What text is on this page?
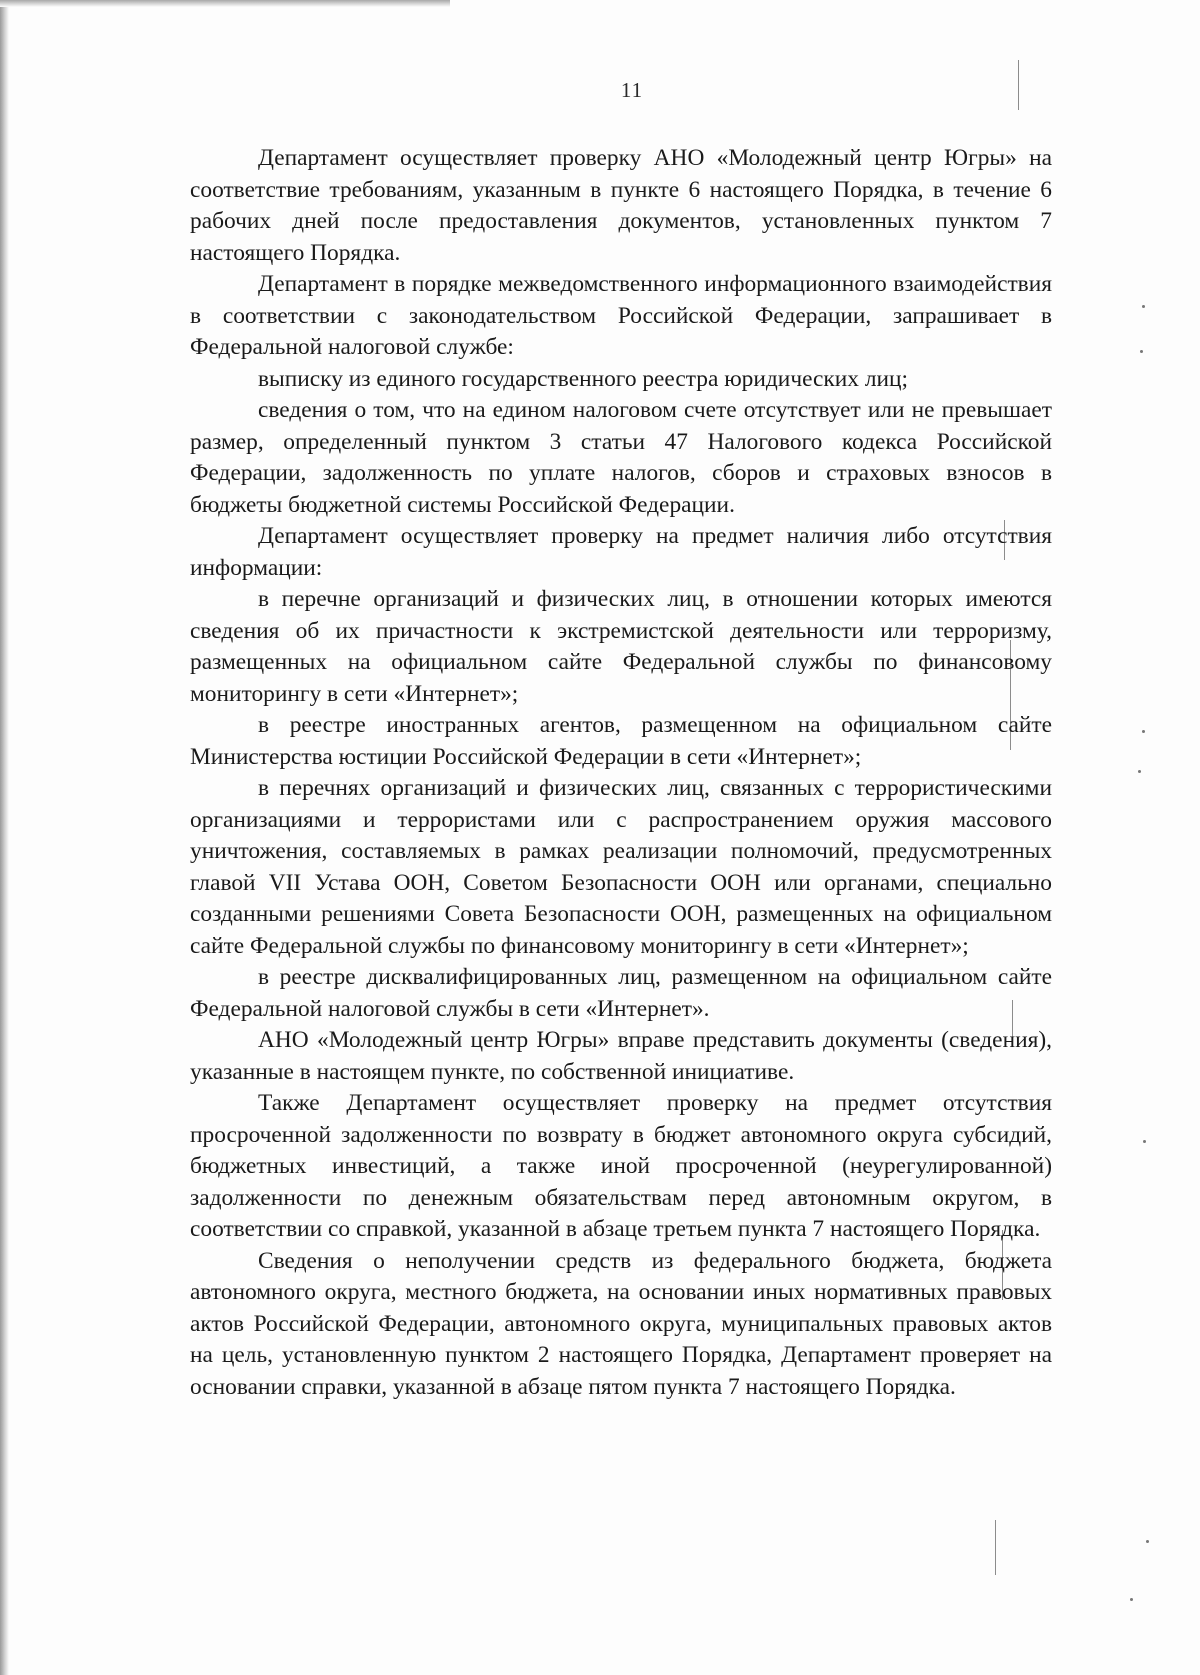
11

Департамент осуществляет проверку АНО «Молодежный центр Югры» на соответствие требованиям, указанным в пункте 6 настоящего Порядка, в течение 6 рабочих дней после предоставления документов, установленных пунктом 7 настоящего Порядка.

Департамент в порядке межведомственного информационного взаимодействия в соответствии с законодательством Российской Федерации, запрашивает в Федеральной налоговой службе:

выписку из единого государственного реестра юридических лиц;

сведения о том, что на едином налоговом счете отсутствует или не превышает размер, определенный пунктом 3 статьи 47 Налогового кодекса Российской Федерации, задолженность по уплате налогов, сборов и страховых взносов в бюджеты бюджетной системы Российской Федерации.

Департамент осуществляет проверку на предмет наличия либо отсутствия информации:

в перечне организаций и физических лиц, в отношении которых имеются сведения об их причастности к экстремистской деятельности или терроризму, размещенных на официальном сайте Федеральной службы по финансовому мониторингу в сети «Интернет»;

в реестре иностранных агентов, размещенном на официальном сайте Министерства юстиции Российской Федерации в сети «Интернет»;

в перечнях организаций и физических лиц, связанных с террористическими организациями и террористами или с распространением оружия массового уничтожения, составляемых в рамках реализации полномочий, предусмотренных главой VII Устава ООН, Советом Безопасности ООН или органами, специально созданными решениями Совета Безопасности ООН, размещенных на официальном сайте Федеральной службы по финансовому мониторингу в сети «Интернет»;

в реестре дисквалифицированных лиц, размещенном на официальном сайте Федеральной налоговой службы в сети «Интернет».

АНО «Молодежный центр Югры» вправе представить документы (сведения), указанные в настоящем пункте, по собственной инициативе.

Также Департамент осуществляет проверку на предмет отсутствия просроченной задолженности по возврату в бюджет автономного округа субсидий, бюджетных инвестиций, а также иной просроченной (неурегулированной) задолженности по денежным обязательствам перед автономным округом, в соответствии со справкой, указанной в абзаце третьем пункта 7 настоящего Порядка.

Сведения о неполучении средств из федерального бюджета, бюджета автономного округа, местного бюджета, на основании иных нормативных правовых актов Российской Федерации, автономного округа, муниципальных правовых актов на цель, установленную пунктом 2 настоящего Порядка, Департамент проверяет на основании справки, указанной в абзаце пятом пункта 7 настоящего Порядка.
